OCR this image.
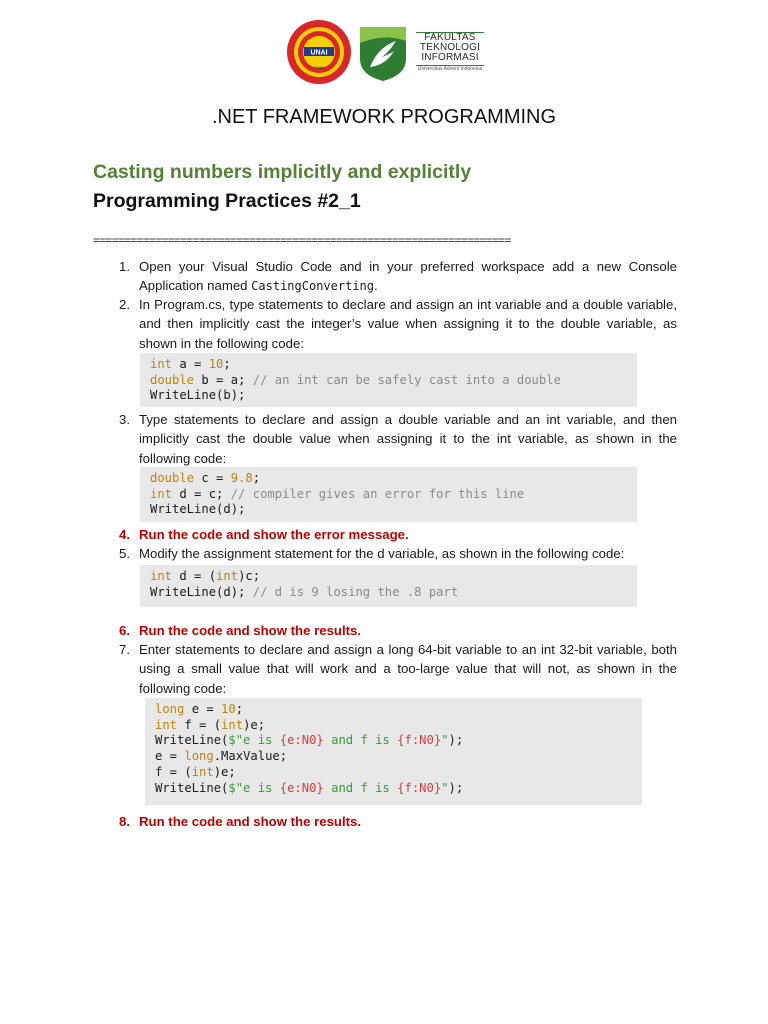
UNAI
1949
FAKULTAS
TEKNOLOGI
INFORMASI
Universitas Advent Indonesia
.NET FRAMEWORK PROGRAMMING
Casting numbers implicitly and explicitly
Programming Practices #2_1
===================================================================
1. Open your Visual Studio Code and in your preferred workspace add a new Console Application named CastingConverting.
2. In Program.cs, type statements to declare and assign an int variable and a double variable, and then implicitly cast the integer’s value when assigning it to the double variable, as shown in the following code:
int a = 10;
double b = a; // an int can be safely cast into a double
WriteLine(b);
3. Type statements to declare and assign a double variable and an int variable, and then implicitly cast the double value when assigning it to the int variable, as shown in the following code:
double c = 9.8;
int d = c; // compiler gives an error for this line
WriteLine(d);
4. Run the code and show the error message.
5. Modify the assignment statement for the d variable, as shown in the following code:
int d = (int)c;
WriteLine(d); // d is 9 losing the .8 part
6. Run the code and show the results.
7. Enter statements to declare and assign a long 64-bit variable to an int 32-bit variable, both using a small value that will work and a too-large value that will not, as shown in the following code:
long e = 10;
int f = (int)e;
WriteLine($"e is {e:N0} and f is {f:N0}");
e = long.MaxValue;
f = (int)e;
WriteLine($"e is {e:N0} and f is {f:N0}");
8. Run the code and show the results.
